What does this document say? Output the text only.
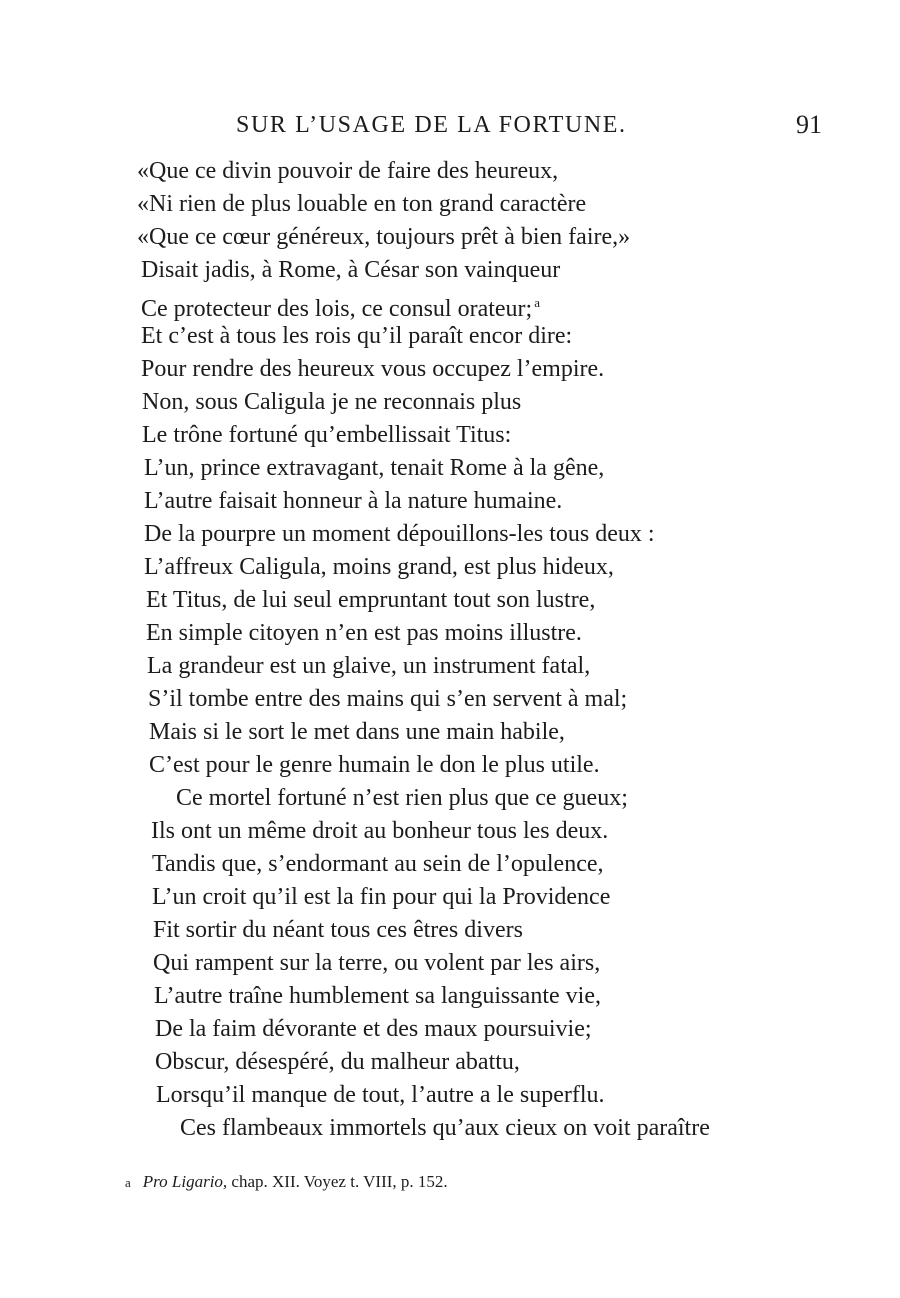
SUR L’USAGE DE LA FORTUNE.	91
«Que ce divin pouvoir de faire des heureux,
«Ni rien de plus louable en ton grand caractère
«Que ce cœur généreux, toujours prêt à bien faire,»
Disait jadis, à Rome, à César son vainqueur
Ce protecteur des lois, ce consul orateur; $^a$
Et c’est à tous les rois qu’il paraît encor dire:
Pour rendre des heureux vous occupez l’empire.
Non, sous Caligula je ne reconnais plus
Le trône fortuné qu’embellissait Titus:
L’un, prince extravagant, tenait Rome à la gêne,
L’autre faisait honneur à la nature humaine.
De la pourpre un moment dépouillons-les tous deux :
L’affreux Caligula, moins grand, est plus hideux,
Et Titus, de lui seul empruntant tout son lustre,
En simple citoyen n’en est pas moins illustre.
La grandeur est un glaive, un instrument fatal,
S’il tombe entre des mains qui s’en servent à mal;
Mais si le sort le met dans une main habile,
C’est pour le genre humain le don le plus utile.
Ce mortel fortuné n’est rien plus que ce gueux;
Ils ont un même droit au bonheur tous les deux.
Tandis que, s’endormant au sein de l’opulence,
L’un croit qu’il est la fin pour qui la Providence
Fit sortir du néant tous ces êtres divers
Qui rampent sur la terre, ou volent par les airs,
L’autre traîne humblement sa languissante vie,
De la faim dévorante et des maux poursuivie;
Obscur, désespéré, du malheur abattu,
Lorsqu’il manque de tout, l’autre a le superflu.
Ces flambeaux immortels qu’aux cieux on voit paraître
a Pro Ligario, chap. XII. Voyez t. VIII, p. 152.
